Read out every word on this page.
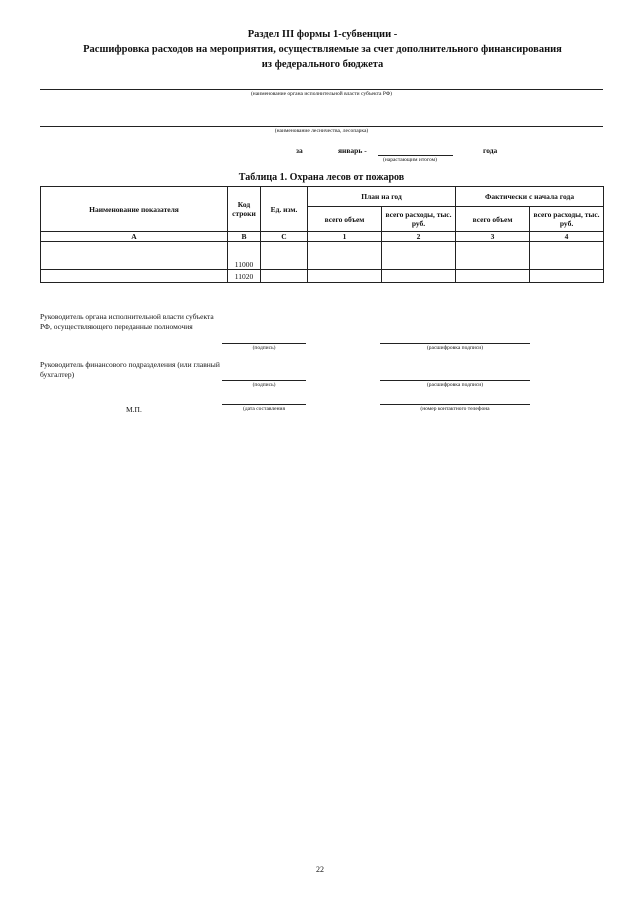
Раздел III формы 1-субвенции -
Расшифровка расходов на мероприятия, осуществляемые за счет дополнительного финансирования
из федерального бюджета
(наименование органа исполнительной власти субъекта РФ)
(наименование лесничества, лесопарка)
за	январь -	года
(нарастающим итогом)
Таблица 1. Охрана лесов от пожаров
Наименование показателя	Код строки	Ед. изм.	План на год		Фактически с начала года	
			всего объем	всего расходы, тыс. руб.	всего объем	всего расходы, тыс. руб.
А	В	С	1	2	3	4
	11000					
	11020					
Руководитель органа исполнительной власти субъекта РФ, осуществляющего переданные полномочия
(подпись)	(расшифровка подписи)
Руководитель финансового подразделения (или главный бухгалтер)
(подпись)	(расшифровка подписи)
М.П.	(дата составления	(номер контактного телефона
22
